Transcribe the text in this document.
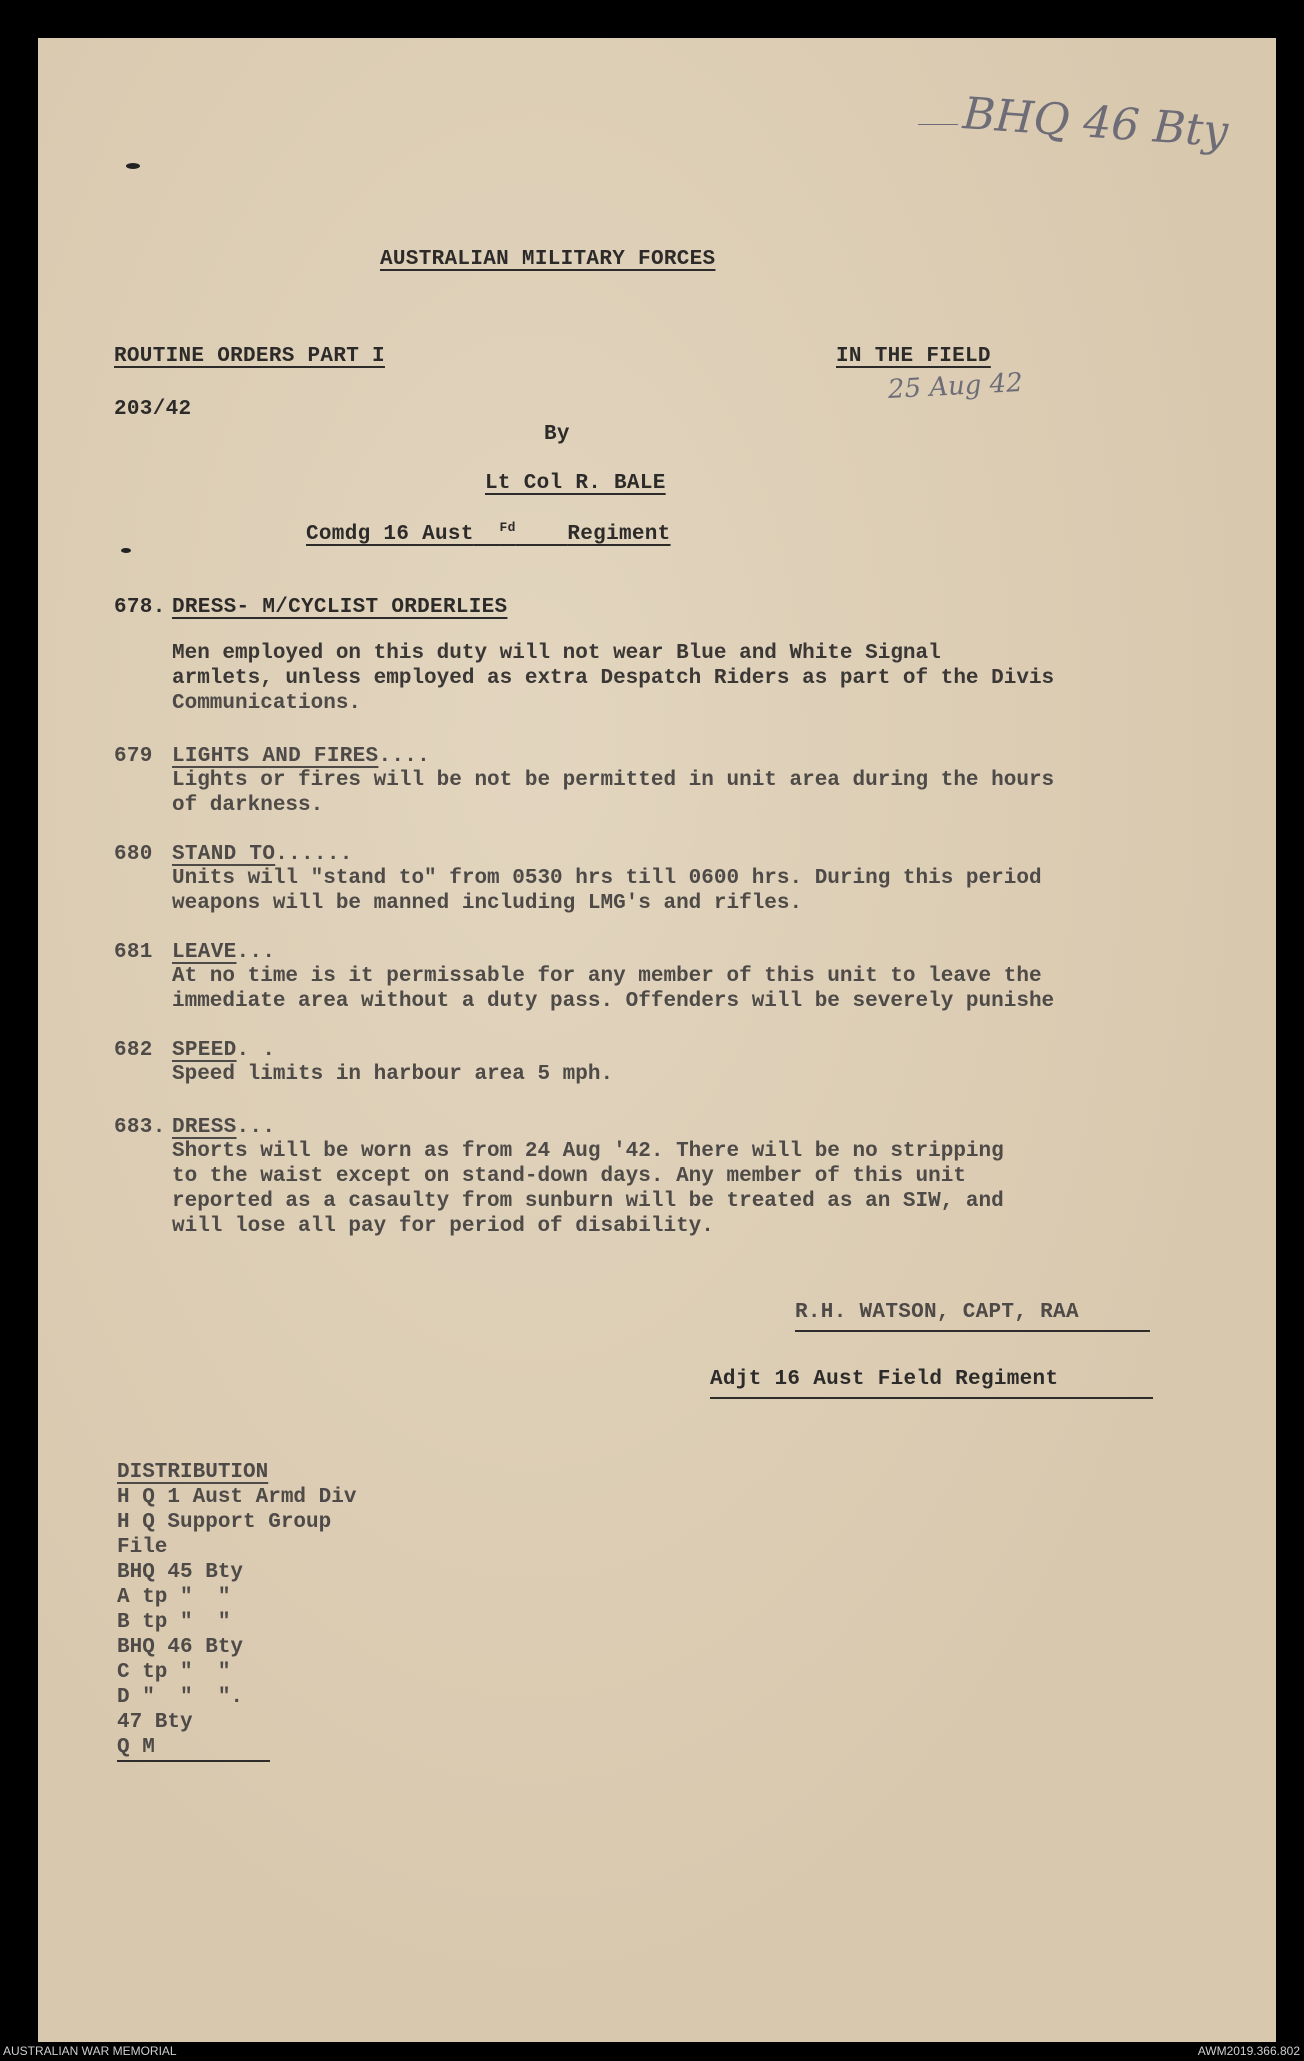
BHQ 46 Bty
25 Aug 42
AUSTRALIAN MILITARY FORCES
ROUTINE ORDERS PART I	IN THE FIELD
203/42
By
Lt Col R. BALE
Comdg 16 Aust $^{Fd}$ Regiment
678. DRESS- M/CYCLIST ORDERLIES
Men employed on this duty will not wear Blue and White Signal
armlets, unless employed as extra Despatch Riders as part of the Divis
Communications.
679 LIGHTS AND FIRES....
Lights or fires will be not be permitted in unit area during the hours
of darkness.
680 STAND TO......
Units will "stand to" from 0530 hrs till 0600 hrs. During this period
weapons will be manned including LMG's and rifles.
681 LEAVE...
At no time is it permissable for any member of this unit to leave the
immediate area without a duty pass. Offenders will be severely punishe
682 SPEED. .
Speed limits in harbour area 5 mph.
683. DRESS...
Shorts will be worn as from 24 Aug '42. There will be no stripping
to the waist except on stand-down days. Any member of this unit
reported as a casaulty from sunburn will be treated as an SIW, and
will lose all pay for period of disability.
R.H. WATSON, CAPT, RAA
Adjt 16 Aust Field Regiment
DISTRIBUTION
H Q 1 Aust Armd Div
H Q Support Group
File
BHQ 45 Bty
A tp "  "
B tp "  "
BHQ 46 Bty
C tp "  "
D "  "  ".
47 Bty
Q M
AUSTRALIAN WAR MEMORIAL	AWM2019.366.802
